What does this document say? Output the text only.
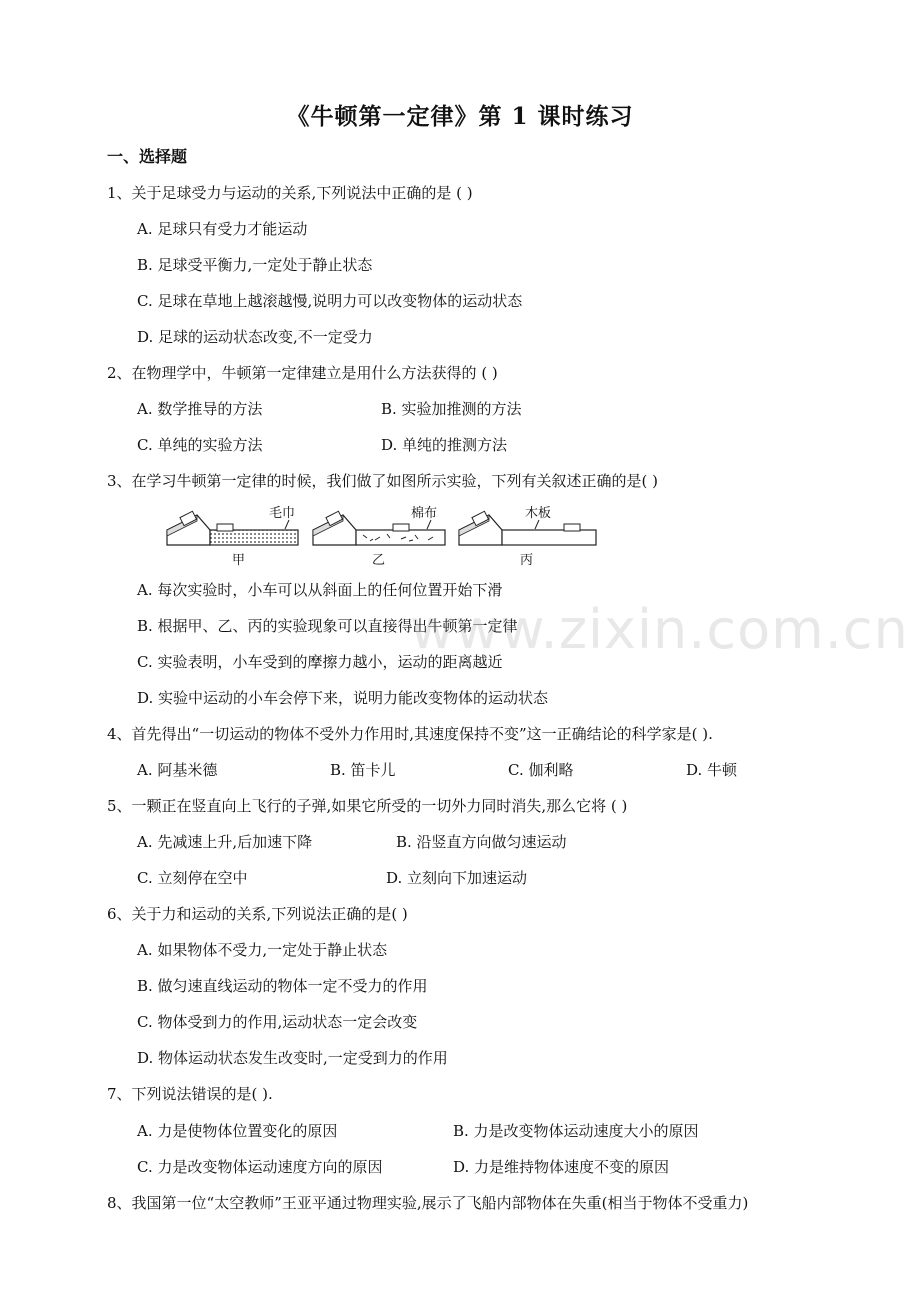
《牛顿第一定律》第 1 课时练习
一、选择题
1、关于足球受力与运动的关系,下列说法中正确的是 ( )
A. 足球只有受力才能运动
B. 足球受平衡力,一定处于静止状态
C. 足球在草地上越滚越慢,说明力可以改变物体的运动状态
D. 足球的运动状态改变,不一定受力
2、在物理学中，牛顿第一定律建立是用什么方法获得的 ( )
A. 数学推导的方法	B. 实验加推测的方法
C. 单纯的实验方法	D. 单纯的推测方法
3、在学习牛顿第一定律的时候，我们做了如图所示实验，下列有关叙述正确的是( )
毛巾
甲
棉布
乙
木板
丙
A. 每次实验时，小车可以从斜面上的任何位置开始下滑
B. 根据甲、乙、丙的实验现象可以直接得出牛顿第一定律
C. 实验表明，小车受到的摩擦力越小，运动的距离越近
D. 实验中运动的小车会停下来，说明力能改变物体的运动状态
4、首先得出“一切运动的物体不受外力作用时,其速度保持不变”这一正确结论的科学家是( ).
A. 阿基米德	B. 笛卡儿	C. 伽利略	D. 牛顿
5、一颗正在竖直向上飞行的子弹,如果它所受的一切外力同时消失,那么它将 ( )
A. 先减速上升,后加速下降	B. 沿竖直方向做匀速运动
C. 立刻停在空中	D. 立刻向下加速运动
6、关于力和运动的关系,下列说法正确的是( )
A. 如果物体不受力,一定处于静止状态
B. 做匀速直线运动的物体一定不受力的作用
C. 物体受到力的作用,运动状态一定会改变
D. 物体运动状态发生改变时,一定受到力的作用
7、下列说法错误的是( ).
A. 力是使物体位置变化的原因	B. 力是改变物体运动速度大小的原因
C. 力是改变物体运动速度方向的原因	D. 力是维持物体速度不变的原因
8、我国第一位“太空教师”王亚平通过物理实验,展示了飞船内部物体在失重(相当于物体不受重力)
www.zixin.com.cn
